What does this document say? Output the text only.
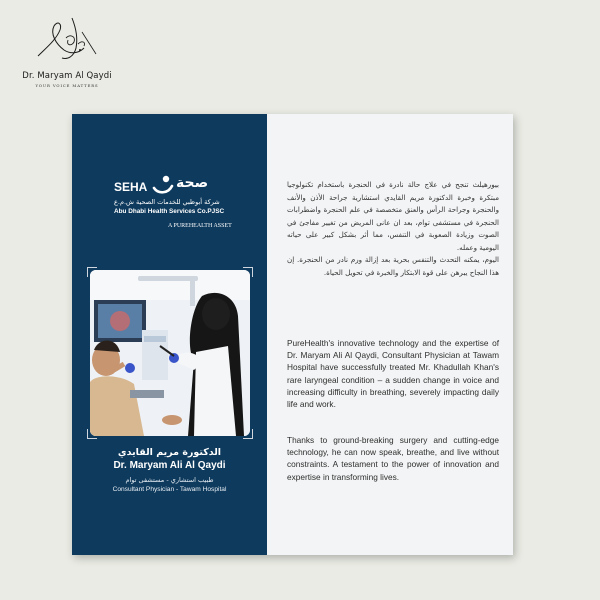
Dr. Maryam Al Qaydi
YOUR VOICE MATTERS
SEHA صحة
شركة أبوظبي للخدمات الصحية ش.م.ع
Abu Dhabi Health Services Co.PJSC
A PUREHEALTH ASSET
الدكتورة مريم القايدي
Dr. Maryam Ali Al Qaydi
طبيب استشاري - مستشفى توام
Consultant Physician - Tawam Hospital

بيورهيلث تنجح في علاج حالة نادرة في الحنجرة باستخدام تكنولوجيا مبتكرة وخبرة الدكتورة مريم القايدي استشارية جراحة الأذن والأنف والحنجرة وجراحة الرأس والعنق متخصصة في علم الحنجرة واضطرابات الحنجرة في مستشفى توام، بعد ان عانى المريض من تغيير مفاجئ في الصوت وزيادة الصعوبة في التنفس، مما أثر بشكل كبير على حياته اليومية وعمله.

اليوم، يمكنه التحدث والتنفس بحرية بعد إزالة ورم نادر من الحنجرة. إن هذا النجاح يبرهن على قوة الابتكار والخبرة في تحويل الحياة.

PureHealth's innovative technology and the expertise of Dr. Maryam Ali Al Qaydi, Consultant Physician at Tawam Hospital have successfully treated Mr. Khadullah Khan's rare laryngeal condition – a sudden change in voice and increasing difficulty in breathing, severely impacting daily life and work.

Thanks to ground-breaking surgery and cutting-edge technology, he can now speak, breathe, and live without constraints. A testament to the power of innovation and expertise in transforming lives.
